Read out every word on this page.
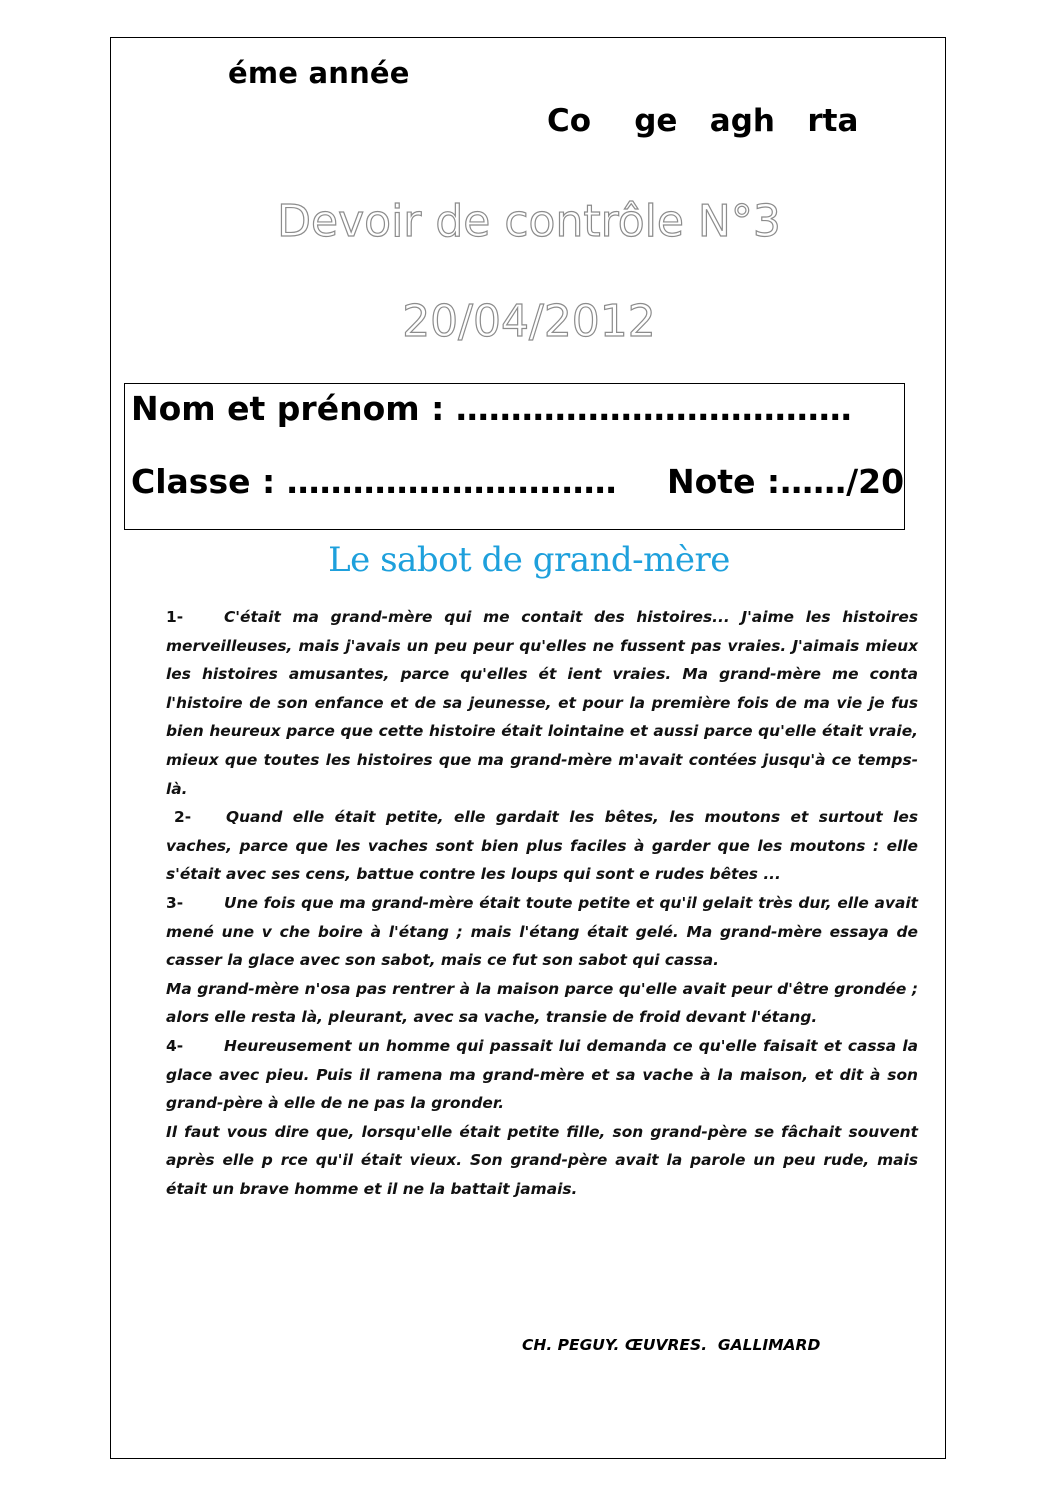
éme année
Co    ge   agh   rta
Devoir de contrôle N°3
20/04/2012
Nom et prénom : ………………………………
Classe : ………………………… Note :……/20
Le sabot de grand-mère

1-	C'était ma grand-mère qui me contait des histoires... J'aime les histoires merveilleuses, mais j'avais un peu peur qu'elles ne fussent pas vraies. J'aimais mieux les histoires amusantes, parce qu'elles ét ient vraies. Ma grand-mère me conta l'histoire de son enfance et de sa jeunesse, et pour la première fois de ma vie je fus bien heureux parce que cette histoire était lointaine et aussi parce qu'elle était vraie, mieux que toutes les histoires que ma grand-mère m'avait contées jusqu'à ce temps-là.

2- Quand elle était petite, elle gardait les bêtes, les moutons et surtout les vaches, parce que les vaches sont bien plus faciles à garder que les moutons : elle s'était avec ses cens, battue contre les loups qui sont e rudes bêtes ...

3-	Une fois que ma grand-mère était toute petite et qu'il gelait très dur, elle avait mené une v che boire à l'étang ; mais l'étang était gelé. Ma grand-mère essaya de casser la glace avec son sabot, mais ce fut son sabot qui cassa.

Ma grand-mère n'osa pas rentrer à la maison parce qu'elle avait peur d'être grondée ; alors elle resta là, pleurant, avec sa vache, transie de froid devant l'étang.

4-	Heureusement un homme qui passait lui demanda ce qu'elle faisait et cassa la glace avec pieu. Puis il ramena ma grand-mère et sa vache à la maison, et dit à son grand-père à elle de ne pas la gronder.

Il faut vous dire que, lorsqu'elle était petite fille, son grand-père se fâchait souvent après elle p rce qu'il était vieux. Son grand-père avait la parole un peu rude, mais était un brave homme et il ne la battait jamais.

CH. PEGUY. ŒUVRES.  GALLIMARD
